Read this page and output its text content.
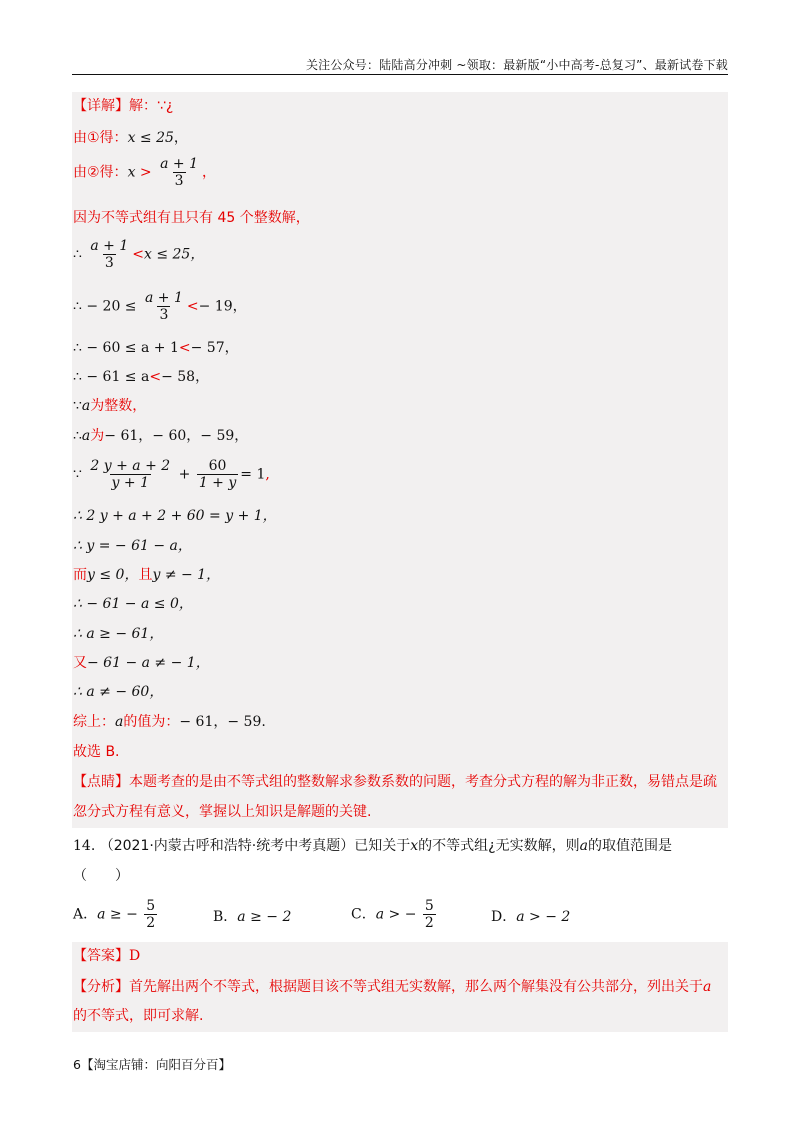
关注公众号：陆陆高分冲刺 ~领取：最新版“小中高考-总复习”、最新试卷下载
【详解】解：∵¿
由①得：x ≤ 25，
由②得：$x > \frac{a + 1}{3}$ ，
因为不等式组有且只有 45 个整数解，
∴ $\frac{a + 1}{3} <x \le 25$，
∴ − $20 \le \frac{a + 1}{3} <- 19$，
∴ − 60 ≤ a + 1<− 57，
∴ − 61 ≤ a<− 58，
∵a为整数，
∴a为− 61，− 60，− 59，
∵ $\frac{2 y + a + 2}{y + 1} + \frac{60}{1 + y} = 1$,
∴ 2 y + a + 2 + 60 = y + 1，
∴ y = − 61 − a，
而y ≤ 0，且y ≠ − 1，
∴ − 61 − a ≤ 0，
∴ a ≥ − 61，
又− 61 − a ≠ − 1，
∴ a ≠ − 60，
综上：a的值为：− 61，− 59.
故选 B.
【点睛】本题考查的是由不等式组的整数解求参数系数的问题，考查分式方程的解为非正数，易错点是疏
忽分式方程有意义，掌握以上知识是解题的关键.
14. （2021·内蒙古呼和浩特·统考中考真题）已知关于x的不等式组¿无实数解，则a的取值范围是
（　　）
A．a ≥ − $\frac{5}{2}$	B．a ≥ − 2	C．a > − $\frac{5}{2}$	D．a > − 2
【答案】D
【分析】首先解出两个不等式，根据题目该不等式组无实数解，那么两个解集没有公共部分，列出关于a
的不等式，即可求解.
6【淘宝店铺：向阳百分百】
